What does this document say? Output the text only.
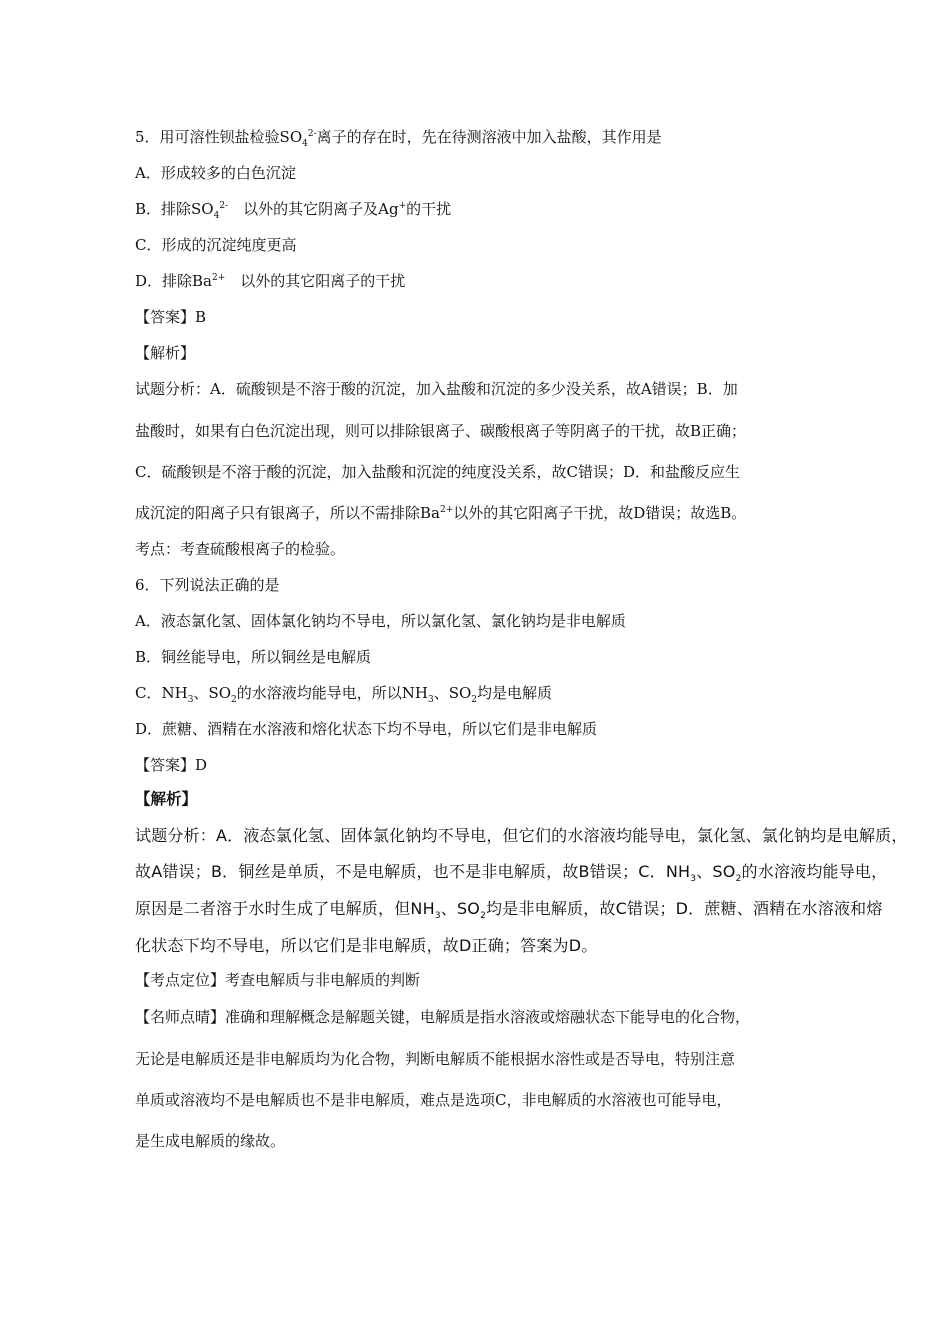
5．用可溶性钡盐检验$SO_4^{2-}$离子的存在时，先在待测溶液中加入盐酸，其作用是
A．形成较多的白色沉淀
B．排除$SO_4^{2-}$　以外的其它阴离子及Ag+的干扰
C．形成的沉淀纯度更高
D．排除$Ba^{2+}$　以外的其它阳离子的干扰
【答案】B
【解析】
试题分析：A．硫酸钡是不溶于酸的沉淀，加入盐酸和沉淀的多少没关系，故A错误；B．加
盐酸时，如果有白色沉淀出现，则可以排除银离子、碳酸根离子等阴离子的干扰，故B正确；
C．硫酸钡是不溶于酸的沉淀，加入盐酸和沉淀的纯度没关系，故C错误；D．和盐酸反应生
成沉淀的阳离子只有银离子，所以不需排除$Ba^{2+}$以外的其它阳离子干扰，故D错误；故选B。
考点：考查硫酸根离子的检验。
6．下列说法正确的是
A．液态氯化氢、固体氯化钠均不导电，所以氯化氢、氯化钠均是非电解质
B．铜丝能导电，所以铜丝是电解质
C．$NH_3$、$SO_2$的水溶液均能导电，所以$NH_3$、$SO_2$均是电解质
D．蔗糖、酒精在水溶液和熔化状态下均不导电，所以它们是非电解质
【答案】D
【解析】
试题分析：A．液态氯化氢、固体氯化钠均不导电，但它们的水溶液均能导电，氯化氢、氯化钠均是电解质，
故A错误；B．铜丝是单质，不是电解质，也不是非电解质，故B错误；C．$NH_3$、$SO_2$的水溶液均能导电，
原因是二者溶于水时生成了电解质，但$NH_3$、$SO_2$均是非电解质，故C错误；D．蔗糖、酒精在水溶液和熔
化状态下均不导电，所以它们是非电解质，故D正确；答案为D。
【考点定位】考查电解质与非电解质的判断
【名师点晴】准确和理解概念是解题关键，电解质是指水溶液或熔融状态下能导电的化合物，
无论是电解质还是非电解质均为化合物，判断电解质不能根据水溶性或是否导电，特别注意
单质或溶液均不是电解质也不是非电解质，难点是选项C，非电解质的水溶液也可能导电，
是生成电解质的缘故。
